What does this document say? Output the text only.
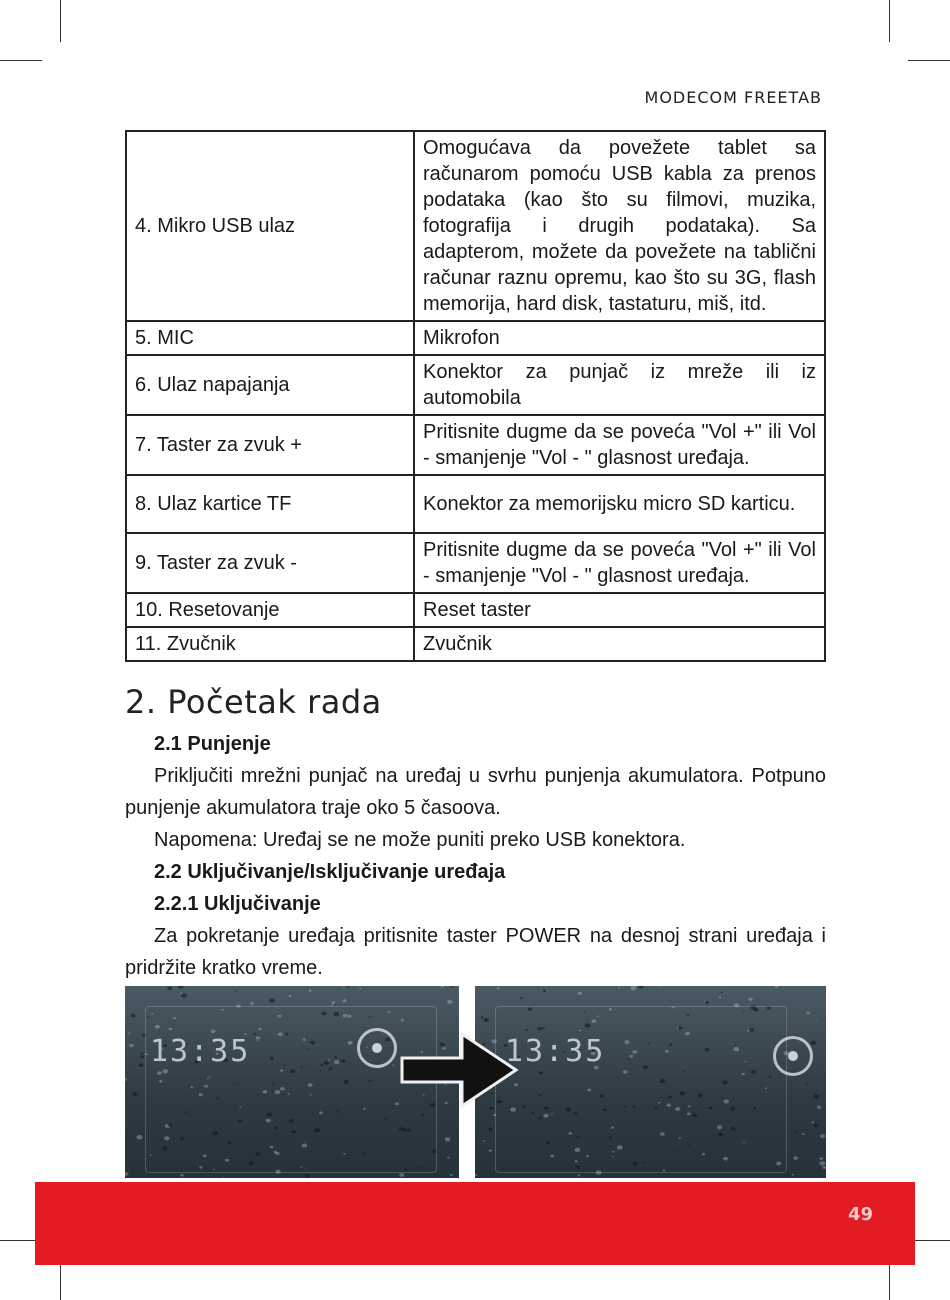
MODECOM FREETAB
4. Mikro USB ulaz	Omogućava da povežete tablet sa računarom pomoću USB kabla za prenos podataka (kao što su filmovi, muzika, fotografija i drugih podataka). Sa adapterom, možete da povežete na tablični računar raznu opremu, kao što su 3G, flash memorija, hard disk, tastaturu, miš, itd.
5. MIC	Mikrofon
6. Ulaz napajanja	Konektor za punjač iz mreže ili iz automobila
7. Taster za zvuk +	Pritisnite dugme da se poveća "Vol +" ili Vol - smanjenje "Vol - " glasnost uređaja.
8. Ulaz kartice TF	Konektor za memorijsku micro SD karticu.
9. Taster za zvuk -	Pritisnite dugme da se poveća "Vol +" ili Vol - smanjenje "Vol - " glasnost uređaja.
10. Resetovanje	Reset taster
11. Zvučnik	Zvučnik
2. Početak rada

2.1 Punjenje

Priključiti mrežni punjač na uređaj u svrhu punjenja akumulatora. Potpuno punjenje akumulatora traje oko 5 časoova.

Napomena: Uređaj se ne može puniti preko USB konektora.

2.2 Uključivanje/Isključivanje uređaja

2.2.1 Uključivanje

Za pokretanje uređaja pritisnite taster POWER na desnoj strani uređaja i pridržite kratko vreme.

13:35	13:35
49
